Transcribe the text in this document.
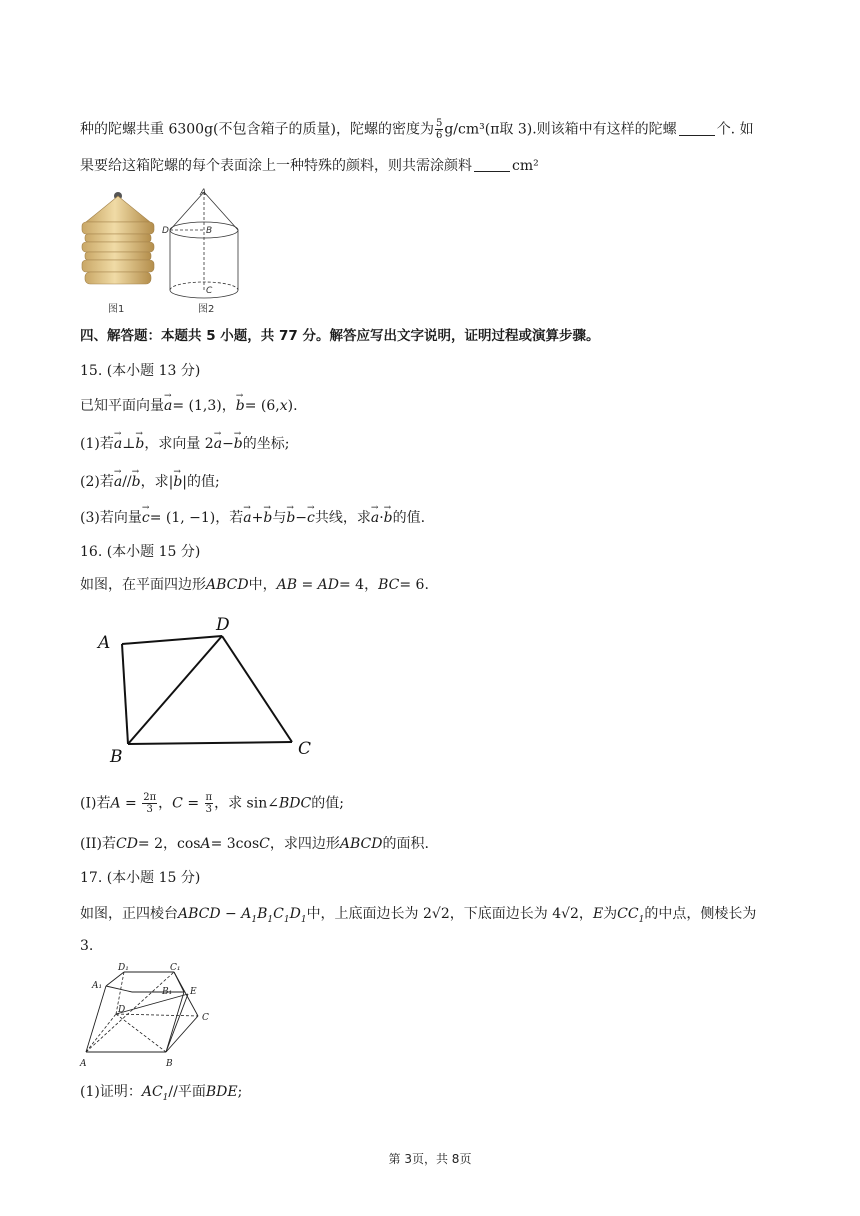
种的陀螺共重 6300g(不包含箱子的质量)，陀螺的密度为 $\frac{5}{6} g/cm^3(\pi$取 3).则该箱中有这样的陀螺	个. 如
果要给这箱陀螺的每个表面涂上一种特殊的颜料，则共需涂颜料	cm²
图1
A
B
C
D
图2
四、解答题：本题共 5 小题，共 77 分。解答应写出文字说明，证明过程或演算步骤。
15. (本小题 13 分)
已知平面向量→ a= (1,3)，→ b= (6,x).
(1)若→ a⊥→ b，求向量 2→ a−→ b的坐标;
(2)若→ a//→ b，求|→ b|的值;
(3)若向量→ c= (1, −1)，若→ a+→ b与→ b−→ c共线，求→ a·→ b的值.
16. (本小题 15 分)
如图，在平面四边形ABCD中，AB = AD= 4，BC= 6.
A
B	C
D
(I)若$A = \frac{2\pi}{3}$ ，$C = \frac{\pi}{3}$ ，求 sin∠BDC的值;
(II)若CD= 2，cosA= 3cosC，求四边形ABCD的面积.
17. (本小题 15 分)
如图，正四棱台ABCD − $A_1B_1C_1D_1$中，上底面边长为 2√2，下底面边长为 4√2，E为$CC_1$的中点，侧棱长为
3.
A	B
C
D
A₁
B₁
C₁
D₁
E
(1)证明：$AC_1//$平面BDE;
第 3页，共 8页
